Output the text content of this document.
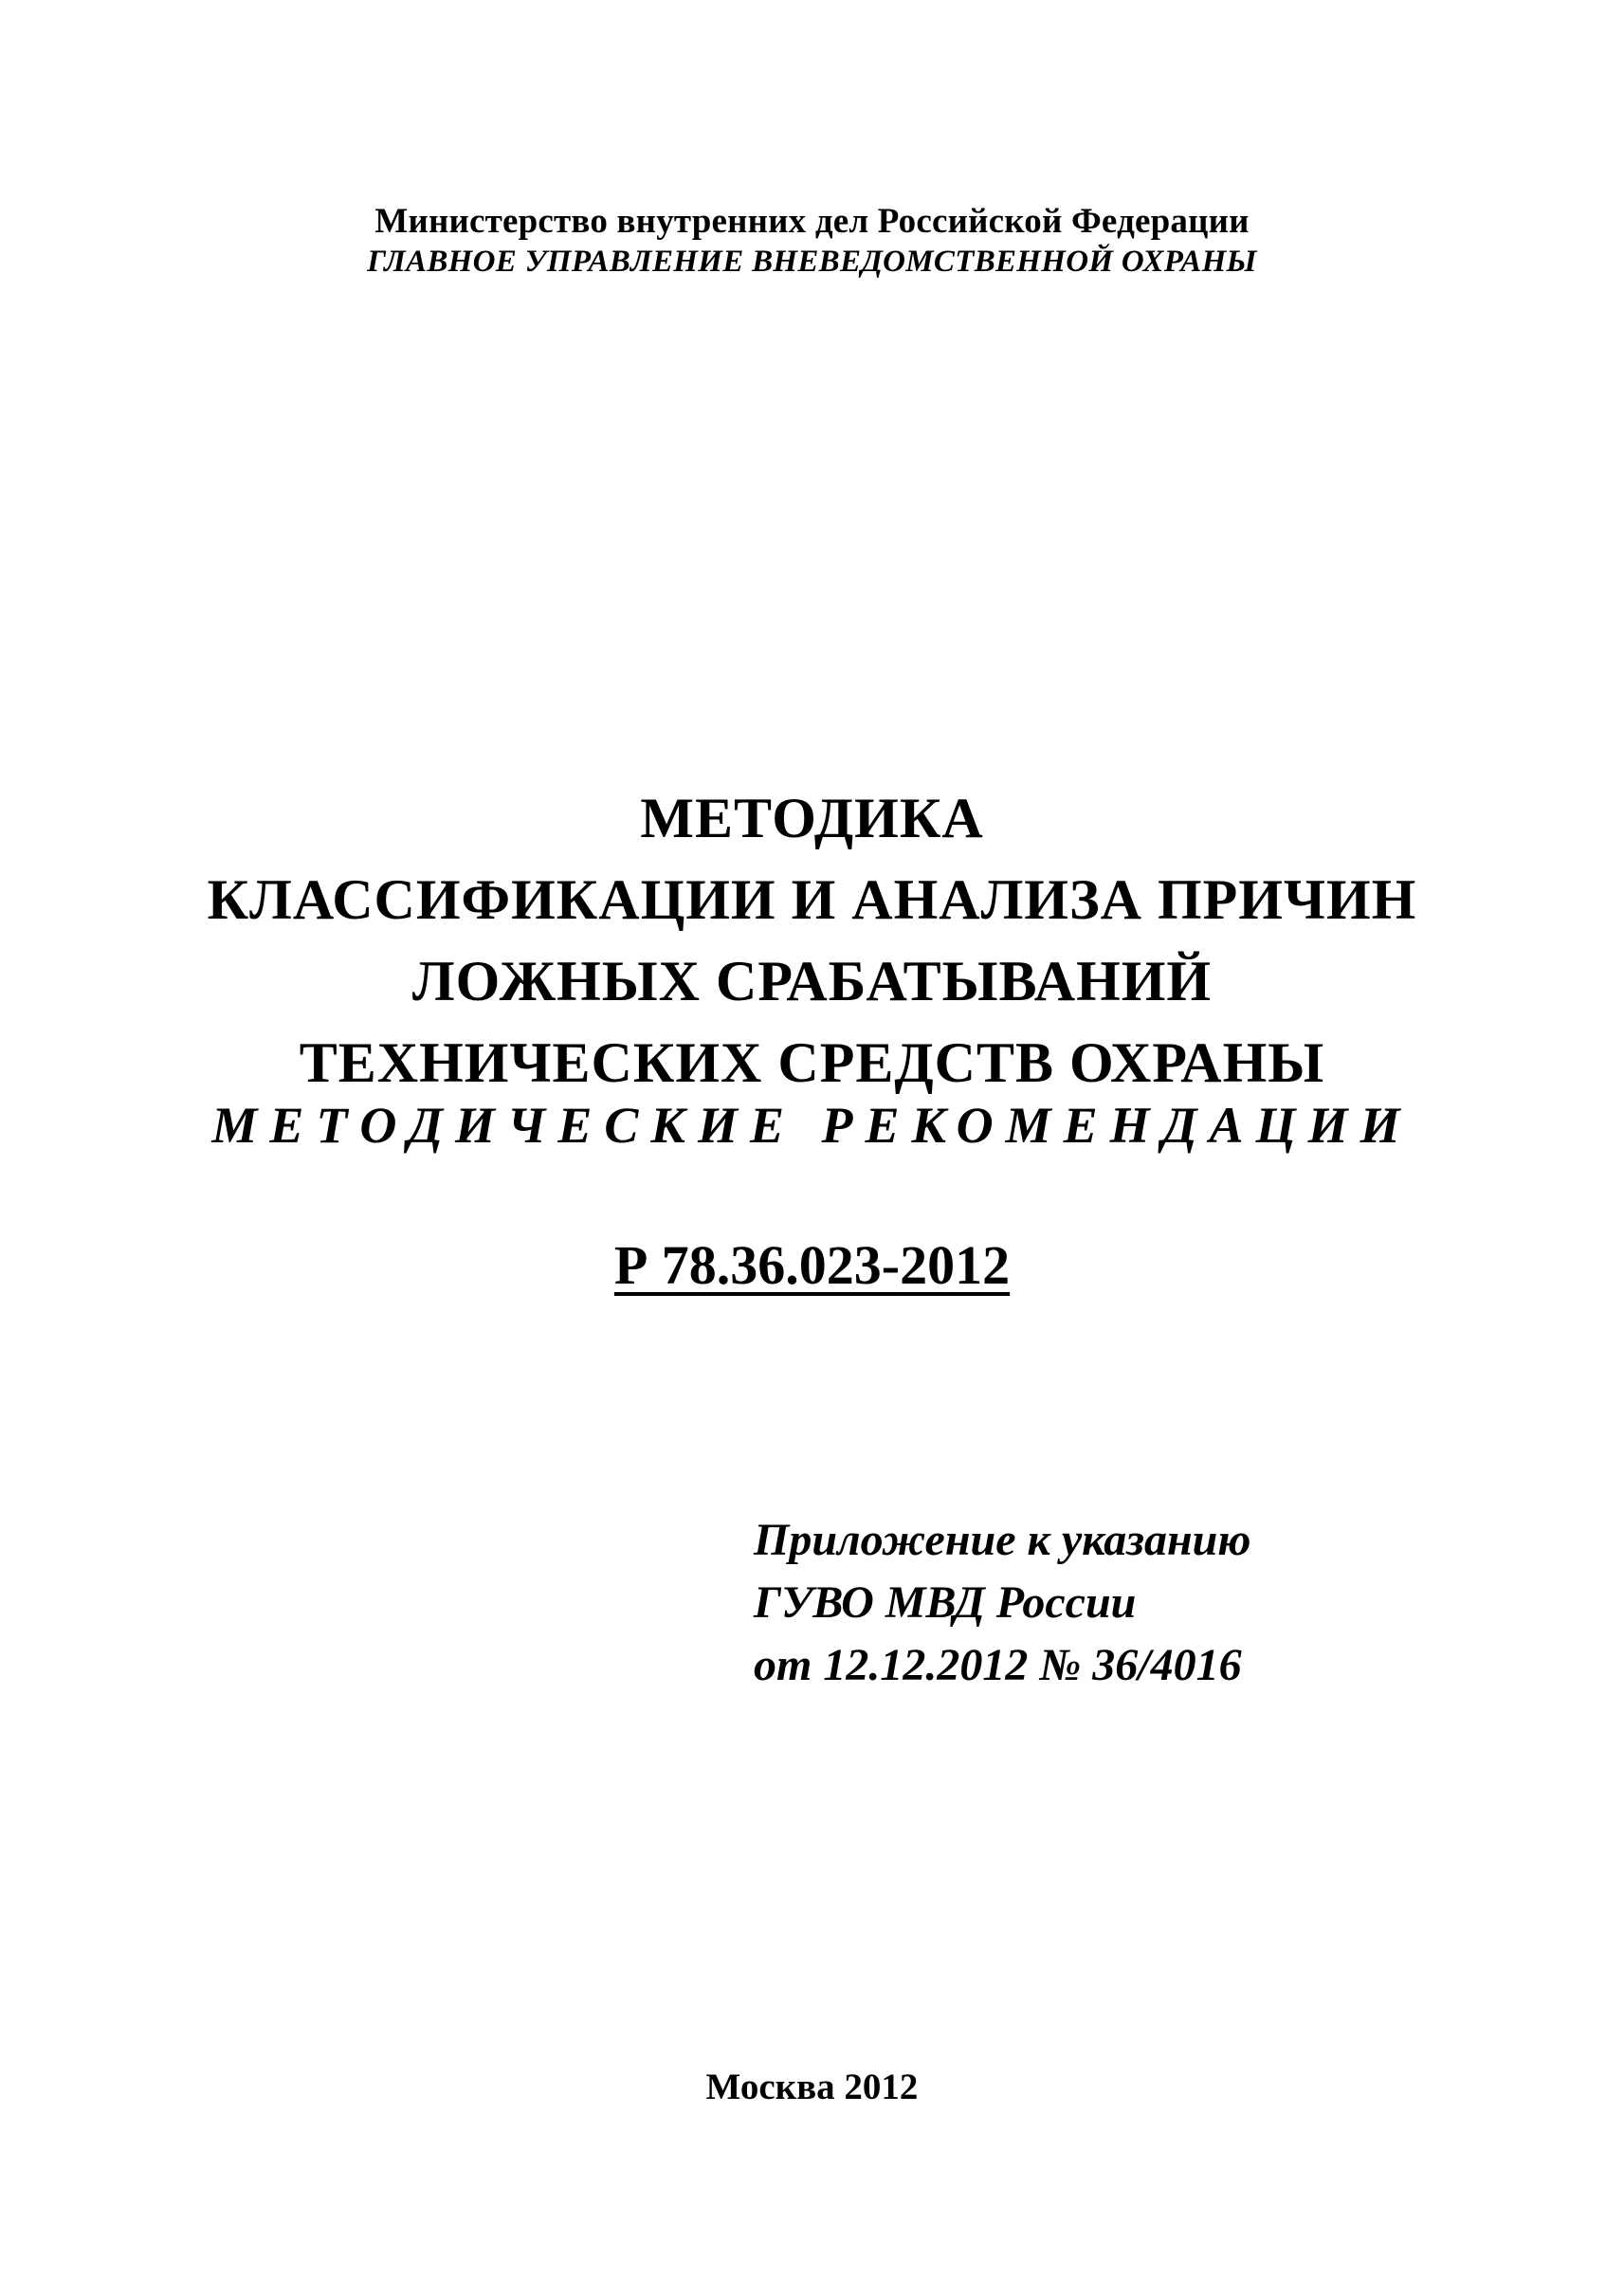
Министерство внутренних дел Российской Федерации
ГЛАВНОЕ УПРАВЛЕНИЕ ВНЕВЕДОМСТВЕННОЙ ОХРАНЫ
МЕТОДИКА
КЛАССИФИКАЦИИ И АНАЛИЗА ПРИЧИН
ЛОЖНЫХ СРАБАТЫВАНИЙ
ТЕХНИЧЕСКИХ СРЕДСТВ ОХРАНЫ
МЕТОДИЧЕСКИЕ РЕКОМЕНДАЦИИ
Р 78.36.023-2012
Приложение к указанию
ГУВО МВД России
от 12.12.2012 № 36/4016
Москва 2012
